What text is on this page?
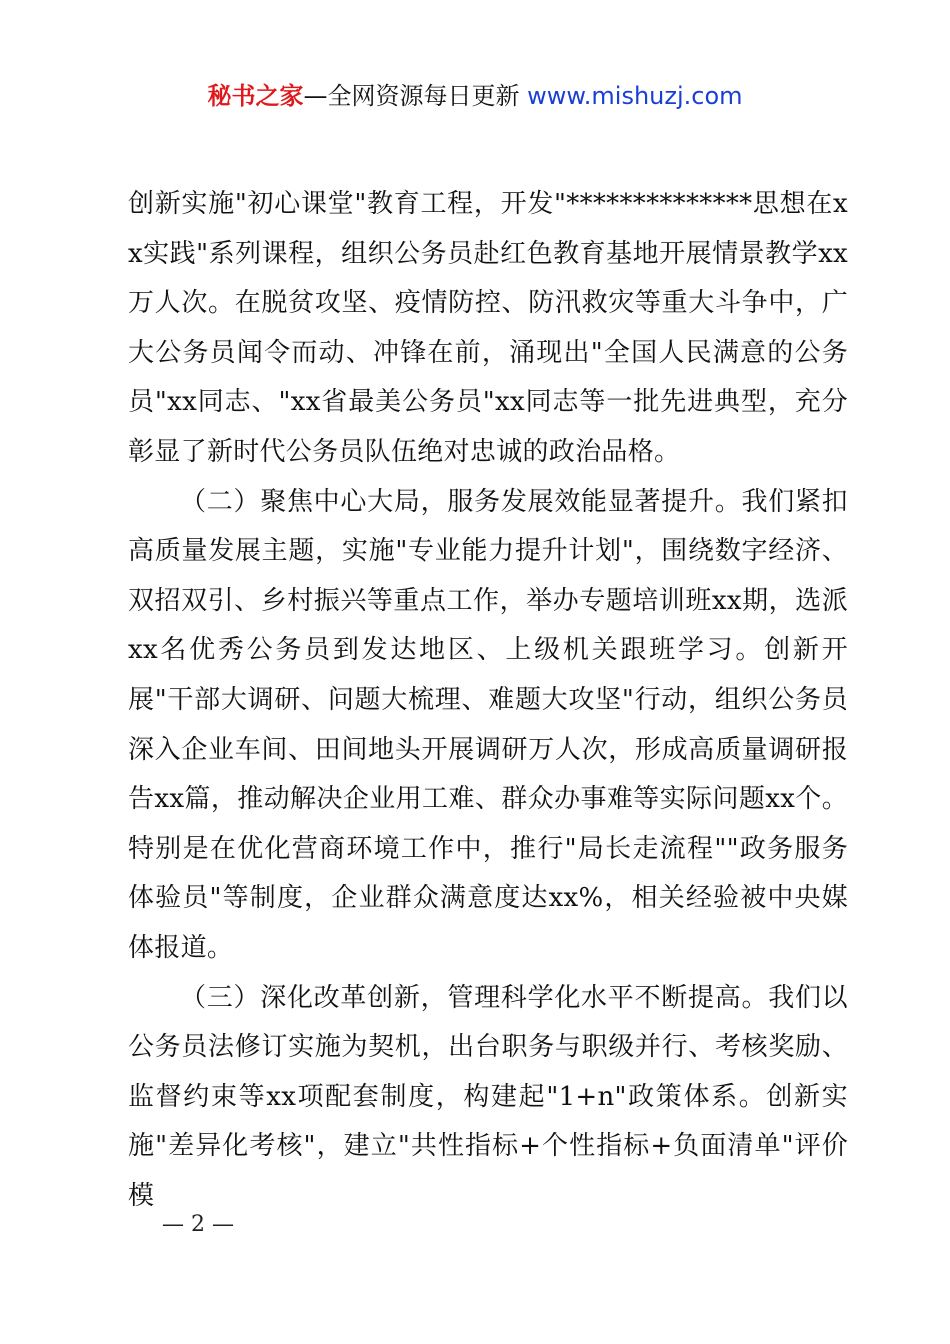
秘书之家—全网资源每日更新 www.mishuzj.com

创新实施"初心课堂"教育工程，开发"**************思想在xx实践"系列课程，组织公务员赴红色教育基地开展情景教学xx万人次。在脱贫攻坚、疫情防控、防汛救灾等重大斗争中，广大公务员闻令而动、冲锋在前，涌现出"全国人民满意的公务员"xx同志、"xx省最美公务员"xx同志等一批先进典型，充分彰显了新时代公务员队伍绝对忠诚的政治品格。

（二）聚焦中心大局，服务发展效能显著提升。我们紧扣高质量发展主题，实施"专业能力提升计划"，围绕数字经济、双招双引、乡村振兴等重点工作，举办专题培训班xx期，选派xx名优秀公务员到发达地区、上级机关跟班学习。创新开展"干部大调研、问题大梳理、难题大攻坚"行动，组织公务员深入企业车间、田间地头开展调研万人次，形成高质量调研报告xx篇，推动解决企业用工难、群众办事难等实际问题xx个。特别是在优化营商环境工作中，推行"局长走流程""政务服务体验员"等制度，企业群众满意度达xx%，相关经验被中央媒体报道。

（三）深化改革创新，管理科学化水平不断提高。我们以公务员法修订实施为契机，出台职务与职级并行、考核奖励、监督约束等xx项配套制度，构建起"1+n"政策体系。创新实施"差异化考核"，建立"共性指标+个性指标+负面清单"评价模

— 2 —
